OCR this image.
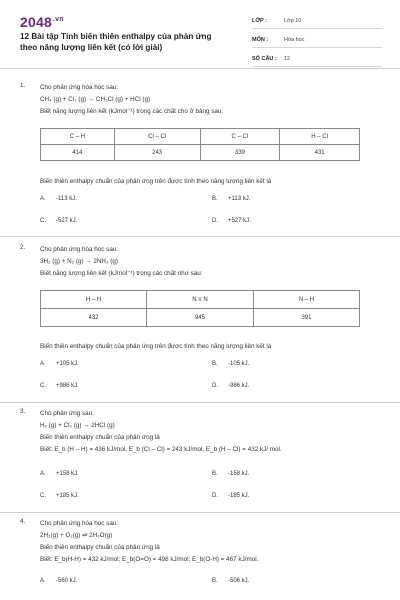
$2048^{.vn}$
12 Bài tập Tính biến thiên enthalpy của phản ứng theo năng lượng liên kết (có lời giải)
LỚP :	Lớp 10
MÔN :	Hóa học
SỐ CÂU :	12
1. Cho phản ứng hóa học sau:
CH₄ (g) + Cl₂ (g) → CH₃Cl (g) + HCl (g)
Biết năng lượng liên kết (kJmol⁻¹) trong các chất cho ở bảng sau:
C – H	Cl – Cl	C – Cl	H – Cl
414	243	339	431
Biến thiên enthalpy chuẩn của phản ứng trên được tính theo năng lượng liên kết là
A. -113 kJ.	B. +113 kJ.
C. -527 kJ.	D. +527 kJ.
2. Cho phản ứng hóa học sau:
3H₂ (g) + N₂ (g) → 2NH₃ (g)
Biết năng lượng liên kết (kJmol⁻¹) trong các chất như sau:
H – H	N ≡ N	N – H
432	945	391
Biến thiên enthalpy chuẩn của phản ứng trên được tính theo năng lượng liên kết là
A. +105 kJ.	B. -105 kJ.
C. +986 kJ.	D. -986 kJ.
3. Cho phản ứng sau:
H₂ (g) + Cl₂ (g) → 2HCl (g)
Biến thiên enthalpy chuẩn của phản ứng là
Biết: E_b (H – H) = 436 kJ/mol, E_b (Cl – Cl) = 243 kJ/mol, E_b (H – Cl) = 432 kJ/ mol.
A. +158 kJ.	B. -158 kJ.
C. +185 kJ.	D. -185 kJ.
4. Cho phản ứng hóa học sau:
2H₂(g) + O₂(g) ⇌ 2H₂O(g)
Biến thiên enthalpy chuẩn của phản ứng là
Biết: E_b(H-H) = 432 kJ/mol; E_b(O=O) = 498 kJ/mol; E_b(O-H) = 467 kJ/mol.
A. -560 kJ.	B. -506 kJ.
